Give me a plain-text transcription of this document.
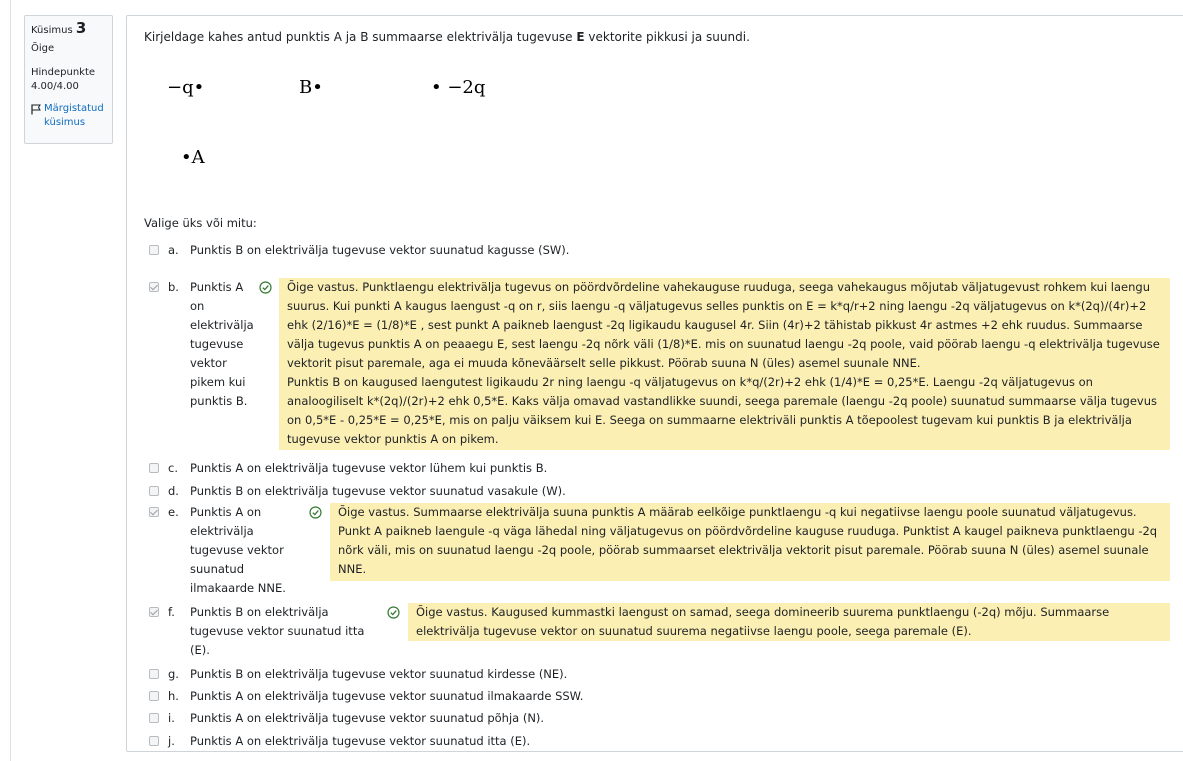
Küsimus 3
Õige
Hindepunkte
4.00/4.00
Märgistatud küsimus
Kirjeldage kahes antud punktis A ja B summaarse elektrivälja tugevuse E vektorite pikkusi ja suundi.
−q•	B•	• −2q
•A
Valige üks või mitu:
a. Punktis B on elektrivälja tugevuse vektor suunatud kagusse (SW).
b. Punktis A on elektrivälja tugevuse vektor pikem kui punktis B.
Õige vastus. Punktlaengu elektrivälja tugevus on pöördvõrdeline vahekauguse ruuduga, seega vahekaugus mõjutab väljatugevust rohkem kui laengu suurus. Kui punkti A kaugus laengust -q on r, siis laengu -q väljatugevus selles punktis on E = k*q/r+2 ning laengu -2q väljatugevus on k*(2q)/(4r)+2 ehk (2/16)*E = (1/8)*E , sest punkt A paikneb laengust -2q ligikaudu kaugusel 4r. Siin (4r)+2 tähistab pikkust 4r astmes +2 ehk ruudus. Summaarse välja tugevus punktis A on peaaegu E, sest laengu -2q nõrk väli (1/8)*E. mis on suunatud laengu -2q poole, vaid pöörab laengu -q elektrivälja tugevuse vektorit pisut paremale, aga ei muuda kõneväärselt selle pikkust. Pöörab suuna N (üles) asemel suunale NNE.
Punktis B on kaugused laengutest ligikaudu 2r ning laengu -q väljatugevus on k*q/(2r)+2 ehk (1/4)*E = 0,25*E. Laengu -2q väljatugevus on analoogiliselt k*(2q)/(2r)+2 ehk 0,5*E. Kaks välja omavad vastandlikke suundi, seega paremale (laengu -2q poole) suunatud summaarse välja tugevus on 0,5*E - 0,25*E = 0,25*E, mis on palju väiksem kui E. Seega on summaarne elektriväli punktis A tõepoolest tugevam kui punktis B ja elektrivälja tugevuse vektor punktis A on pikem.
c. Punktis A on elektrivälja tugevuse vektor lühem kui punktis B.
d. Punktis B on elektrivälja tugevuse vektor suunatud vasakule (W).
e. Punktis A on elektrivälja tugevuse vektor suunatud ilmakaarde NNE.
Õige vastus. Summaarse elektrivälja suuna punktis A määrab eelkõige punktlaengu -q kui negatiivse laengu poole suunatud väljatugevus. Punkt A paikneb laengule -q väga lähedal ning väljatugevus on pöördvõrdeline kauguse ruuduga. Punktist A kaugel paikneva punktlaengu -2q nõrk väli, mis on suunatud laengu -2q poole, pöörab summaarset elektrivälja vektorit pisut paremale. Pöörab suuna N (üles) asemel suunale NNE.
f. Punktis B on elektrivälja tugevuse vektor suunatud itta (E).
Õige vastus. Kaugused kummastki laengust on samad, seega domineerib suurema punktlaengu (-2q) mõju. Summaarse elektrivälja tugevuse vektor on suunatud suurema negatiivse laengu poole, seega paremale (E).
g. Punktis B on elektrivälja tugevuse vektor suunatud kirdesse (NE).
h. Punktis A on elektrivälja tugevuse vektor suunatud ilmakaarde SSW.
i. Punktis A on elektrivälja tugevuse vektor suunatud põhja (N).
j. Punktis A on elektrivälja tugevuse vektor suunatud itta (E).
